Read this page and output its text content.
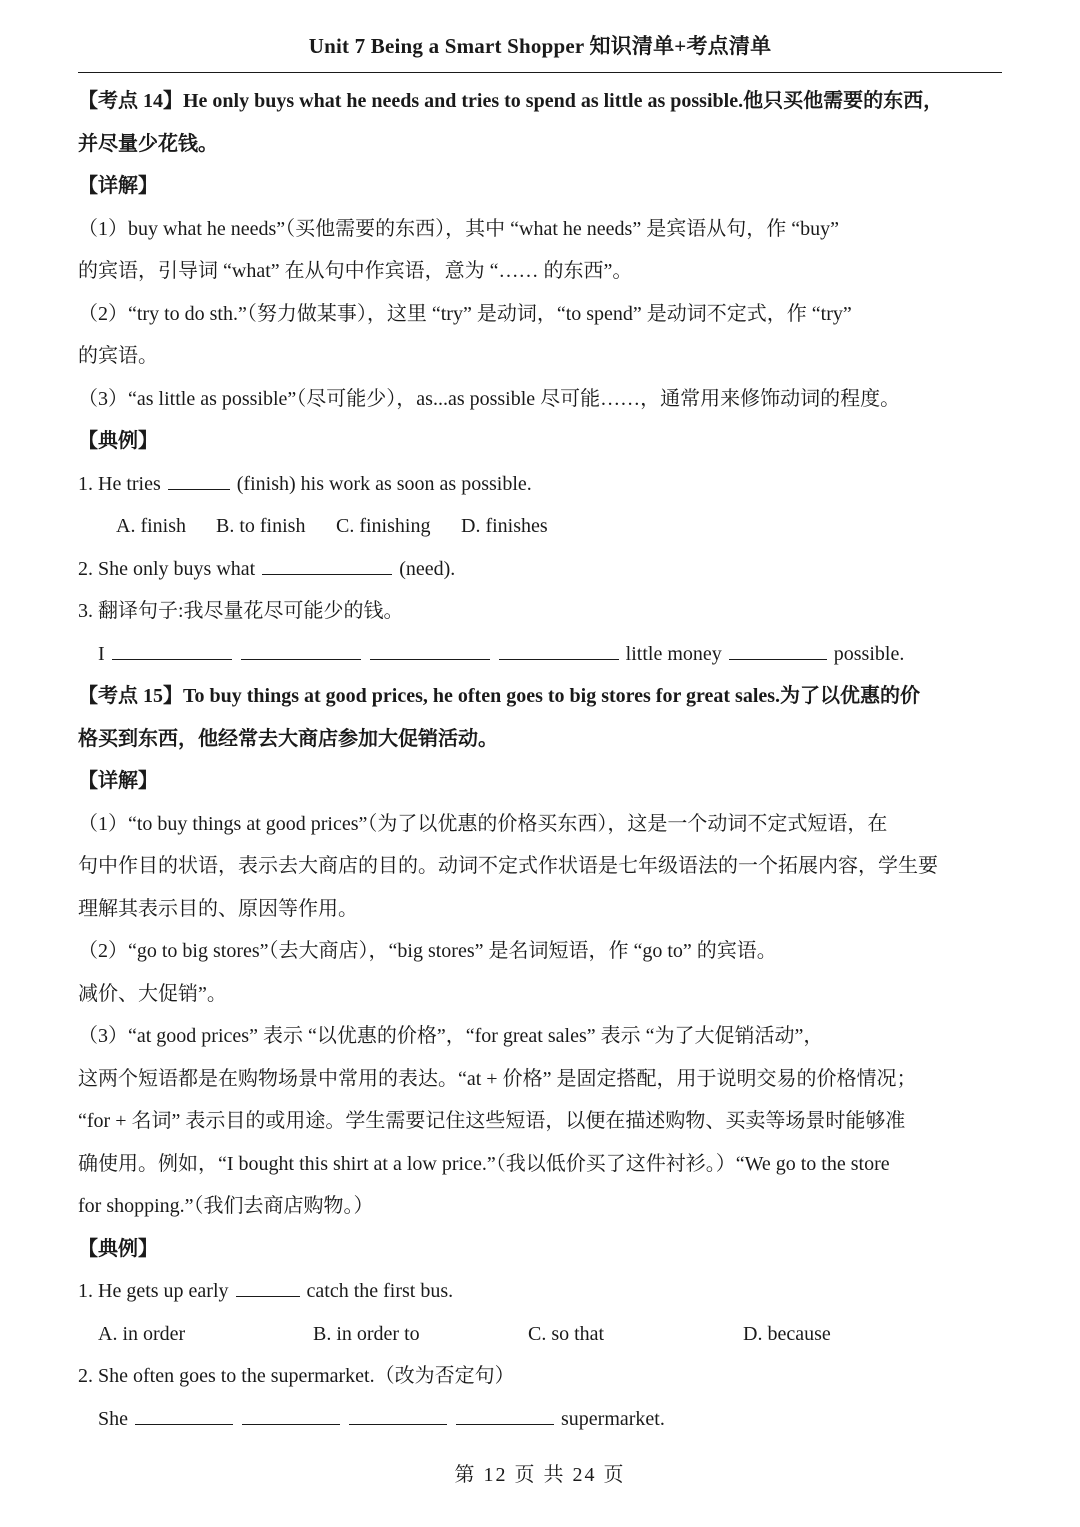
Unit 7 Being a Smart Shopper 知识清单+考点清单

【考点 14】He only buys what he needs and tries to spend as little as possible.他只买他需要的东西，

并尽量少花钱。

【详解】

（1）buy what he needs”（买他需要的东西），其中 “what he needs” 是宾语从句，作 “buy”

的宾语，引导词 “what” 在从句中作宾语，意为 “…… 的东西”。

（2）“try to do sth.”（努力做某事），这里 “try” 是动词，“to spend” 是动词不定式，作 “try”

的宾语。

（3）“as little as possible”（尽可能少），as...as possible 尽可能……，通常用来修饰动词的程度。

【典例】

1. He tries	(finish) his work as soon as possible.

A. finish B. to finish C. finishing D. finishes

2. She only buys what	(need).

3. 翻译句子:我尽量花尽可能少的钱。

I	little money	possible.

【考点 15】To buy things at good prices, he often goes to big stores for great sales.为了以优惠的价

格买到东西，他经常去大商店参加大促销活动。

【详解】

（1）“to buy things at good prices”（为了以优惠的价格买东西），这是一个动词不定式短语，在

句中作目的状语，表示去大商店的目的。动词不定式作状语是七年级语法的一个拓展内容，学生要

理解其表示目的、原因等作用。

（2）“go to big stores”（去大商店），“big stores” 是名词短语，作 “go to” 的宾语。

减价、大促销”。

（3）“at good prices” 表示 “以优惠的价格”，“for great sales” 表示 “为了大促销活动”，

这两个短语都是在购物场景中常用的表达。“at + 价格” 是固定搭配，用于说明交易的价格情况；

“for + 名词” 表示目的或用途。学生需要记住这些短语，以便在描述购物、买卖等场景时能够准

确使用。例如，“I bought this shirt at a low price.”（我以低价买了这件衬衫。）“We go to the store

for shopping.”（我们去商店购物。）

【典例】

1. He gets up early	catch the first bus.

A. in order	B. in order to	C. so that	D. because

2. She often goes to the supermarket.（改为否定句）

She	supermarket.

第 12 页 共 24 页
